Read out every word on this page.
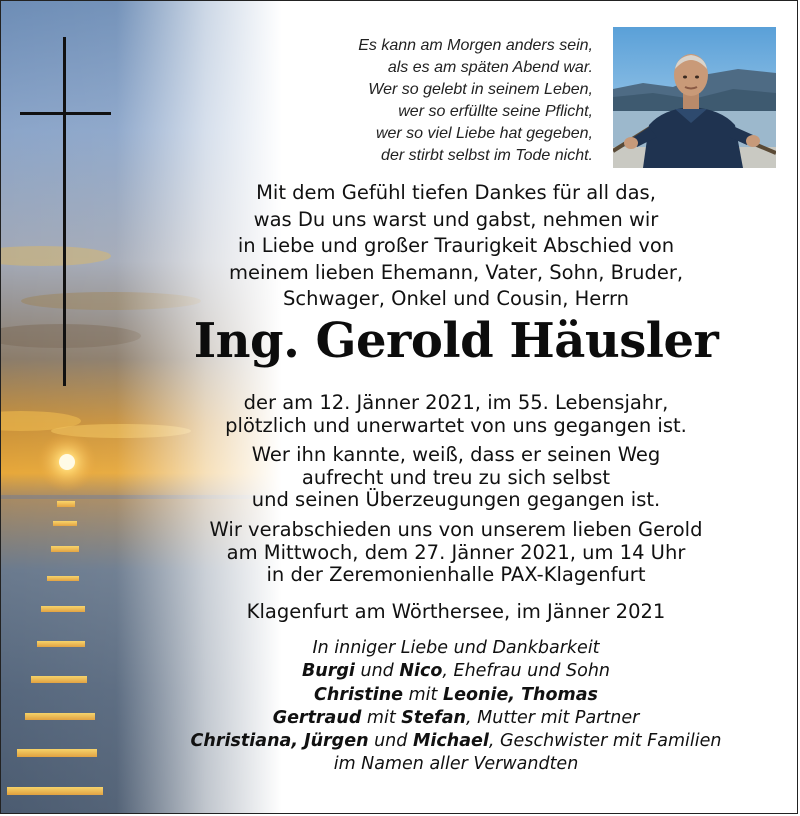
Es kann am Morgen anders sein,
als es am späten Abend war.
Wer so gelebt in seinem Leben,
wer so erfüllte seine Pflicht,
wer so viel Liebe hat gegeben,
der stirbt selbst im Tode nicht.
Mit dem Gefühl tiefen Dankes für all das,
was Du uns warst und gabst, nehmen wir
in Liebe und großer Traurigkeit Abschied von
meinem lieben Ehemann, Vater, Sohn, Bruder,
Schwager, Onkel und Cousin, Herrn
Ing. Gerold Häusler
der am 12. Jänner 2021, im 55. Lebensjahr,
plötzlich und unerwartet von uns gegangen ist.
Wer ihn kannte, weiß, dass er seinen Weg
aufrecht und treu zu sich selbst
und seinen Überzeugungen gegangen ist.
Wir verabschieden uns von unserem lieben Gerold
am Mittwoch, dem 27. Jänner 2021, um 14 Uhr
in der Zeremonienhalle PAX-Klagenfurt
Klagenfurt am Wörthersee, im Jänner 2021
In inniger Liebe und Dankbarkeit
Burgi und Nico, Ehefrau und Sohn
Christine mit Leonie, Thomas
Gertraud mit Stefan, Mutter mit Partner
Christiana, Jürgen und Michael, Geschwister mit Familien
im Namen aller Verwandten
